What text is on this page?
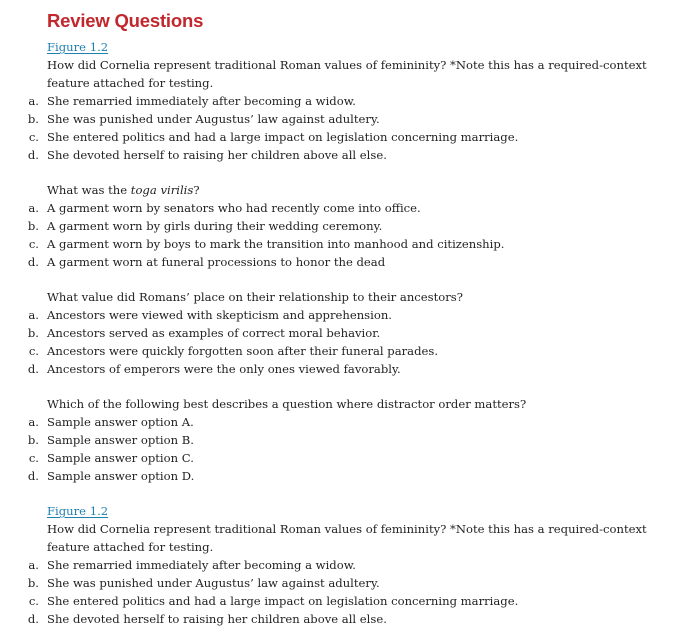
Review Questions
Figure 1.2

How did Cornelia represent traditional Roman values of femininity? *Note this has a required-context feature attached for testing.

a. She remarried immediately after becoming a widow.
b. She was punished under Augustus’ law against adultery.
c. She entered politics and had a large impact on legislation concerning marriage.
d. She devoted herself to raising her children above all else.

What was the toga virilis?

a. A garment worn by senators who had recently come into office.
b. A garment worn by girls during their wedding ceremony.
c. A garment worn by boys to mark the transition into manhood and citizenship.
d. A garment worn at funeral processions to honor the dead

What value did Romans’ place on their relationship to their ancestors?

a. Ancestors were viewed with skepticism and apprehension.
b. Ancestors served as examples of correct moral behavior.
c. Ancestors were quickly forgotten soon after their funeral parades.
d. Ancestors of emperors were the only ones viewed favorably.

Which of the following best describes a question where distractor order matters?

a. Sample answer option A.
b. Sample answer option B.
c. Sample answer option C.
d. Sample answer option D.
Figure 1.2

How did Cornelia represent traditional Roman values of femininity? *Note this has a required-context feature attached for testing.

a. She remarried immediately after becoming a widow.
b. She was punished under Augustus’ law against adultery.
c. She entered politics and had a large impact on legislation concerning marriage.
d. She devoted herself to raising her children above all else.
